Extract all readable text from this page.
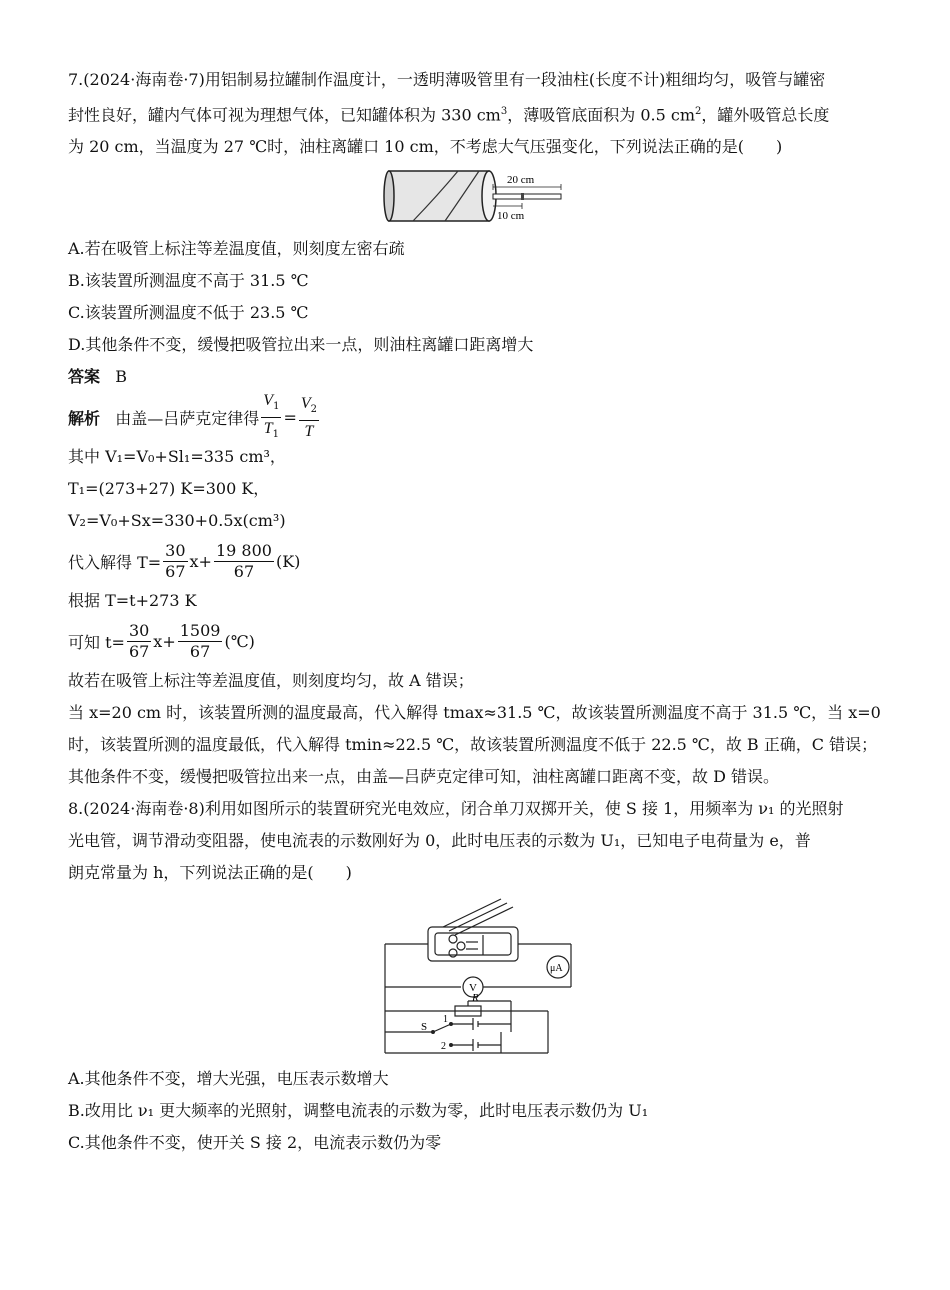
7.(2024·海南卷·7)用铝制易拉罐制作温度计，一透明薄吸管里有一段油柱(长度不计)粗细均匀，吸管与罐密

封性良好，罐内气体可视为理想气体，已知罐体积为 330 $cm^3$，薄吸管底面积为 0.5 $cm^2$，罐外吸管总长度

为 20 cm，当温度为 27 ℃时，油柱离罐口 10 cm，不考虑大气压强变化，下列说法正确的是(　　)

20 cm
10 cm

A.若在吸管上标注等差温度值，则刻度左密右疏

B.该装置所测温度不高于 31.5 ℃

C.该装置所测温度不低于 23.5 ℃

D.其他条件不变，缓慢把吸管拉出来一点，则油柱离罐口距离增大

答案 B

解析
由盖—吕萨克定律得 $\frac{V_1}{T_1} = \frac{V_2}{T}$

其中 V₁=V₀+Sl₁=335 cm³，

T₁=(273+27) K=300 K，

V₂=V₀+Sx=330+0.5x(cm³)

代入解得 $T= \frac{30}{67} x+ \frac{19 800}{67} (K)$

根据 T=t+273 K

可知 $t= \frac{30}{67} x+ \frac{1509}{67}$ (℃)

故若在吸管上标注等差温度值，则刻度均匀，故 A 错误；

当 x=20 cm 时，该装置所测的温度最高，代入解得 tmax≈31.5 ℃，故该装置所测温度不高于 31.5 ℃，当 x=0

时，该装置所测的温度最低，代入解得 tmin≈22.5 ℃，故该装置所测温度不低于 22.5 ℃，故 B 正确，C 错误；

其他条件不变，缓慢把吸管拉出来一点，由盖—吕萨克定律可知，油柱离罐口距离不变，故 D 错误。

8.(2024·海南卷·8)利用如图所示的装置研究光电效应，闭合单刀双掷开关，使 S 接 1，用频率为 ν₁ 的光照射

光电管，调节滑动变阻器，使电流表的示数刚好为 0，此时电压表的示数为 U₁，已知电子电荷量为 e，普

朗克常量为 h，下列说法正确的是(　　)

μA
V
R
S
1
2

A.其他条件不变，增大光强，电压表示数增大

B.改用比 ν₁ 更大频率的光照射，调整电流表的示数为零，此时电压表示数仍为 U₁

C.其他条件不变，使开关 S 接 2，电流表示数仍为零
